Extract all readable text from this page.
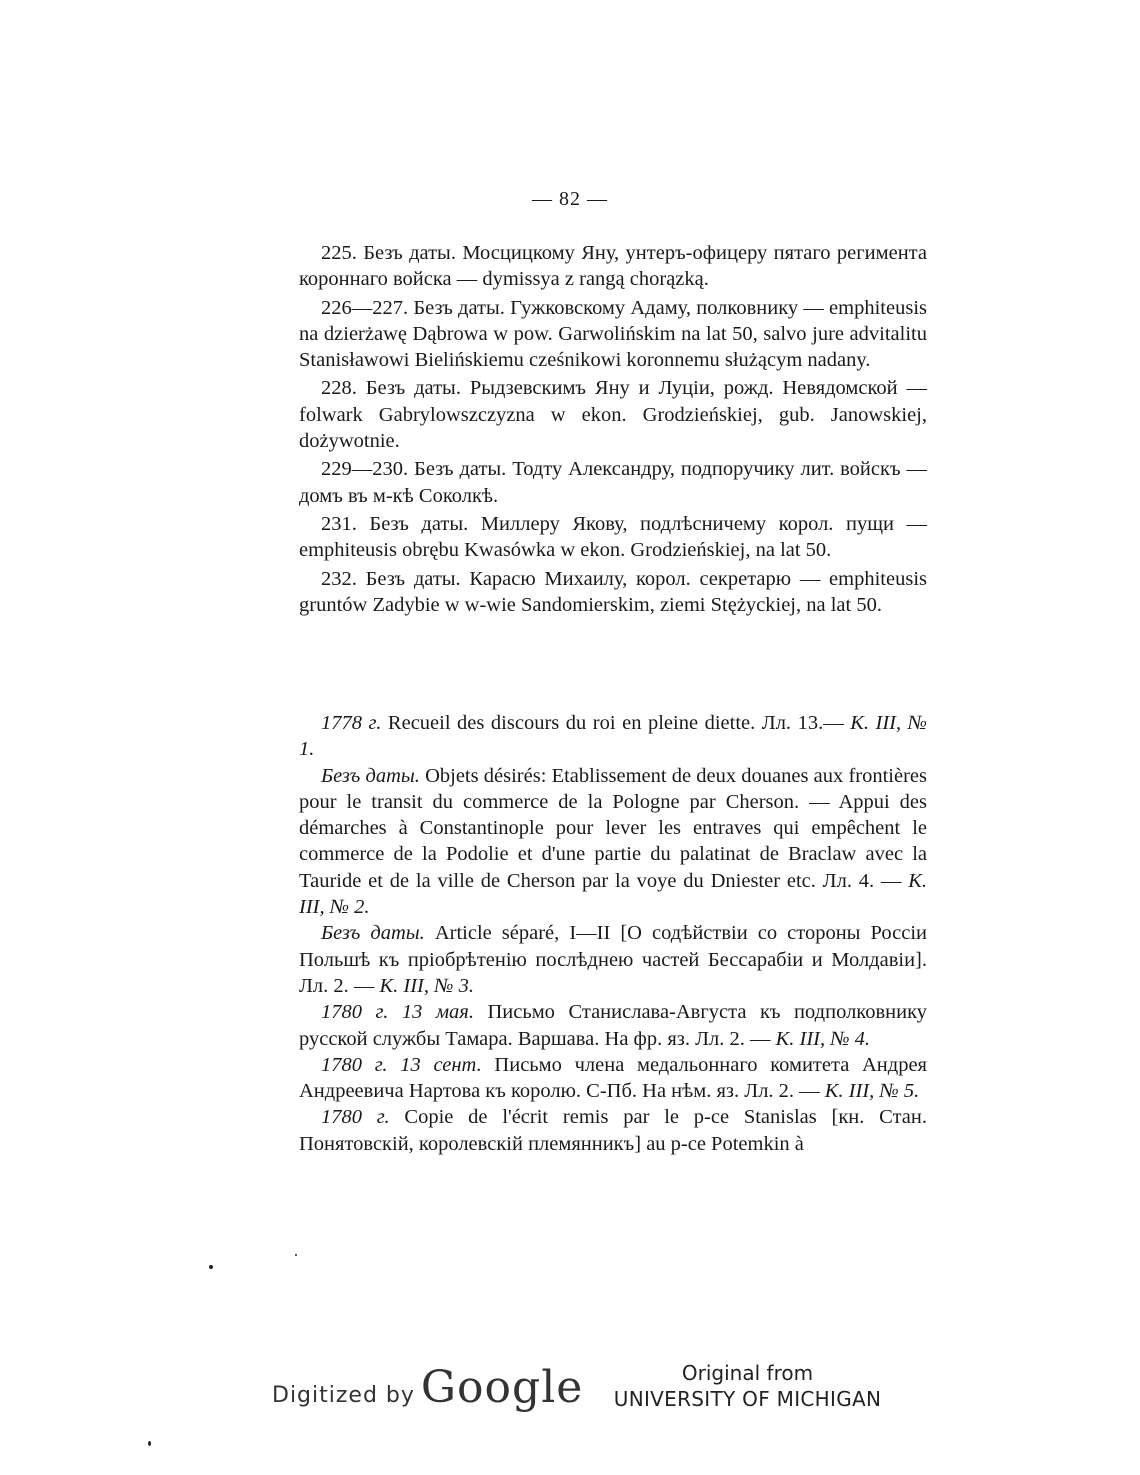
— 82 —

225. Безъ даты. Мосцицкому Яну, унтеръ-офицеру пятаго регимента короннаго войска — dymissya z rangą chorązką.

226—227. Безъ даты. Гужковскому Адаму, полковнику — emphiteusis na dzierżawę Dąbrowa w pow. Garwolińskim na lat 50, salvo jure advitalitu Stanisławowi Bielińskiemu cześnikowi koronnemu służącym nadany.

228. Безъ даты. Рыдзевскимъ Яну и Луціи, рожд. Невядомской — folwark Gabrylowszczyzna w ekon. Grodzieńskiej, gub. Janowskiej, dożywotnie.

229—230. Безъ даты. Тодту Александру, подпоручику лит. войскъ — домъ въ м-кѣ Соколкѣ.

231. Безъ даты. Миллеру Якову, подлѣсничему корол. пущи — emphiteusis obrębu Kwasówka w ekon. Grodzieńskiej, na lat 50.

232. Безъ даты. Карасю Михаилу, корол. секретарю — emphiteusis gruntów Zadybie w w-wie Sandomierskim, ziemi Stężyckiej, na lat 50.

1778 г. Recueil des discours du roi en pleine diette. Лл. 13.— К. III, № 1.

Безъ даты. Objets désirés: Etablissement de deux douanes aux frontières pour le transit du commerce de la Pologne par Cherson. — Appui des démarches à Constantinople pour lever les entraves qui empêchent le commerce de la Podolie et d'une partie du palatinat de Braclaw avec la Tauride et de la ville de Cherson par la voye du Dniester etc. Лл. 4. — К. III, № 2.

Безъ даты. Article séparé, I—II [О содѣйствіи со стороны Россіи Польшѣ къ пріобрѣтенію послѣднею частей Бессарабіи и Молдавіи]. Лл. 2. — К. III, № 3.

1780 г. 13 мая. Письмо Станислава-Августа къ подполковнику русской службы Тамара. Варшава. На фр. яз. Лл. 2. — К. III, № 4.

1780 г. 13 сент. Письмо члена медальоннаго комитета Андрея Андреевича Нартова къ королю. С-Пб. На нѣм. яз. Лл. 2. — К. III, № 5.

1780 г. Copie de l'écrit remis par le p-ce Stanislas [кн. Стан. Понятовскій, королевскій племянникъ] au p-ce Potemkin à

Digitized by Google	Original from
UNIVERSITY OF MICHIGAN
